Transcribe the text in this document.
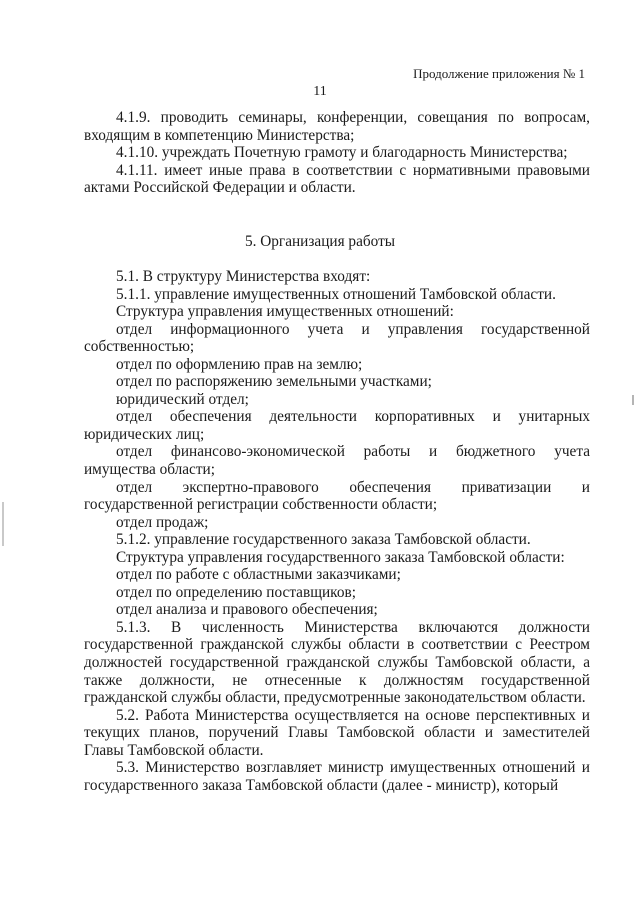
Продолжение приложения № 1
11

4.1.9. проводить семинары, конференции, совещания по вопросам, входящим в компетенцию Министерства;

4.1.10. учреждать Почетную грамоту и благодарность Министерства;

4.1.11. имеет иные права в соответствии с нормативными правовыми актами Российской Федерации и области.

5. Организация работы

5.1. В структуру Министерства входят:

5.1.1. управление имущественных отношений Тамбовской области.

Структура управления имущественных отношений:

отдел информационного учета и управления государственной собственностью;

отдел по оформлению прав на землю;

отдел по распоряжению земельными участками;

юридический отдел;

отдел обеспечения деятельности корпоративных и унитарных юридических лиц;

отдел финансово-экономической работы и бюджетного учета имущества области;

отдел экспертно-правового обеспечения приватизации и государственной регистрации собственности области;

отдел продаж;

5.1.2. управление государственного заказа Тамбовской области.

Структура управления государственного заказа Тамбовской области:

отдел по работе с областными заказчиками;

отдел по определению поставщиков;

отдел анализа и правового обеспечения;

5.1.3. В численность Министерства включаются должности государственной гражданской службы области в соответствии с Реестром должностей государственной гражданской службы Тамбовской области, а также должности, не отнесенные к должностям государственной гражданской службы области, предусмотренные законодательством области.

5.2. Работа Министерства осуществляется на основе перспективных и текущих планов, поручений Главы Тамбовской области и заместителей Главы Тамбовской области.

5.3. Министерство возглавляет министр имущественных отношений и государственного заказа Тамбовской области (далее - министр), который
